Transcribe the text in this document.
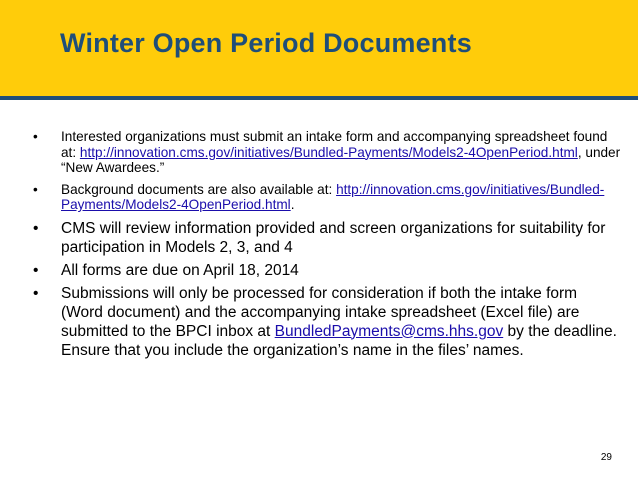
Winter Open Period Documents
• Interested organizations must submit an intake form and accompanying spreadsheet found at: http://innovation.cms.gov/initiatives/Bundled-Payments/Models2-4OpenPeriod.html, under “New Awardees.”
• Background documents are also available at: http://innovation.cms.gov/initiatives/Bundled-Payments/Models2-4OpenPeriod.html.
• CMS will review information provided and screen organizations for suitability for participation in Models 2, 3, and 4
• All forms are due on April 18, 2014
• Submissions will only be processed for consideration if both the intake form (Word document) and the accompanying intake spreadsheet (Excel file) are submitted to the BPCI inbox at BundledPayments@cms.hhs.gov by the deadline. Ensure that you include the organization’s name in the files’ names.
29
